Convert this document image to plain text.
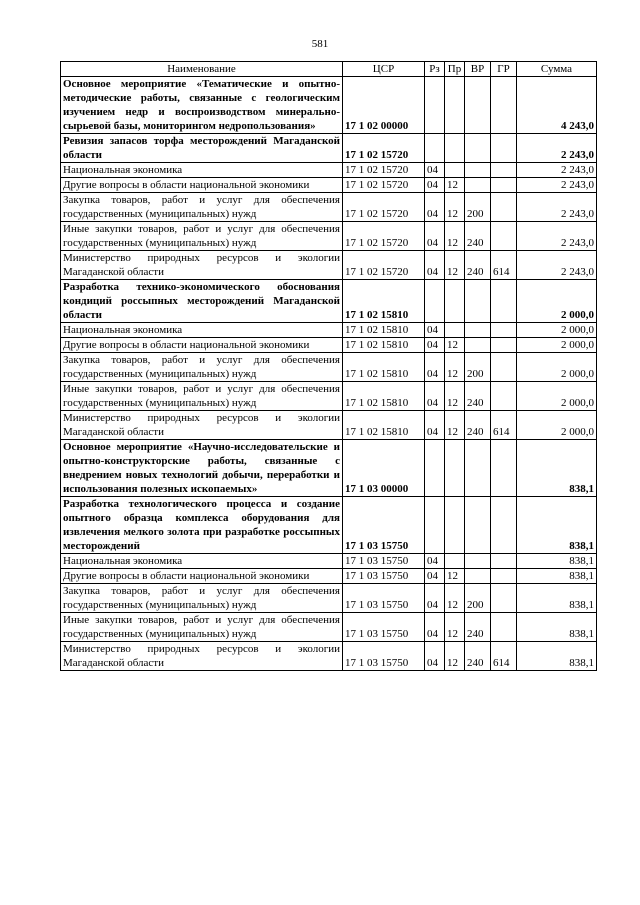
581
Наименование	ЦСР	Рз	Пр	ВР	ГР	Сумма
Основное мероприятие «Тематические и опытно-методические работы, связанные с геологическим изучением недр и воспроизводством минерально-сырьевой базы, мониторингом недропользования»	17 1 02 00000					4 243,0
Ревизия запасов торфа месторождений Магаданской области	17 1 02 15720					2 243,0
Национальная экономика	17 1 02 15720	04				2 243,0
Другие вопросы в области национальной экономики	17 1 02 15720	04	12			2 243,0
Закупка товаров, работ и услуг для обеспечения государственных (муниципальных) нужд	17 1 02 15720	04	12	200		2 243,0
Иные закупки товаров, работ и услуг для обеспечения государственных (муниципальных) нужд	17 1 02 15720	04	12	240		2 243,0
Министерство природных ресурсов и экологии Магаданской области	17 1 02 15720	04	12	240	614	2 243,0
Разработка технико-экономического обоснования кондиций россыпных месторождений Магаданской области	17 1 02 15810					2 000,0
Национальная экономика	17 1 02 15810	04				2 000,0
Другие вопросы в области национальной экономики	17 1 02 15810	04	12			2 000,0
Закупка товаров, работ и услуг для обеспечения государственных (муниципальных) нужд	17 1 02 15810	04	12	200		2 000,0
Иные закупки товаров, работ и услуг для обеспечения государственных (муниципальных) нужд	17 1 02 15810	04	12	240		2 000,0
Министерство природных ресурсов и экологии Магаданской области	17 1 02 15810	04	12	240	614	2 000,0
Основное мероприятие «Научно-исследовательские и опытно-конструкторские работы, связанные с внедрением новых технологий добычи, переработки и использования полезных ископаемых»	17 1 03 00000					838,1
Разработка технологического процесса и создание опытного образца комплекса оборудования для извлечения мелкого золота при разработке россыпных месторождений	17 1 03 15750					838,1
Национальная экономика	17 1 03 15750	04				838,1
Другие вопросы в области национальной экономики	17 1 03 15750	04	12			838,1
Закупка товаров, работ и услуг для обеспечения государственных (муниципальных) нужд	17 1 03 15750	04	12	200		838,1
Иные закупки товаров, работ и услуг для обеспечения государственных (муниципальных) нужд	17 1 03 15750	04	12	240		838,1
Министерство природных ресурсов и экологии Магаданской области	17 1 03 15750	04	12	240	614	838,1
